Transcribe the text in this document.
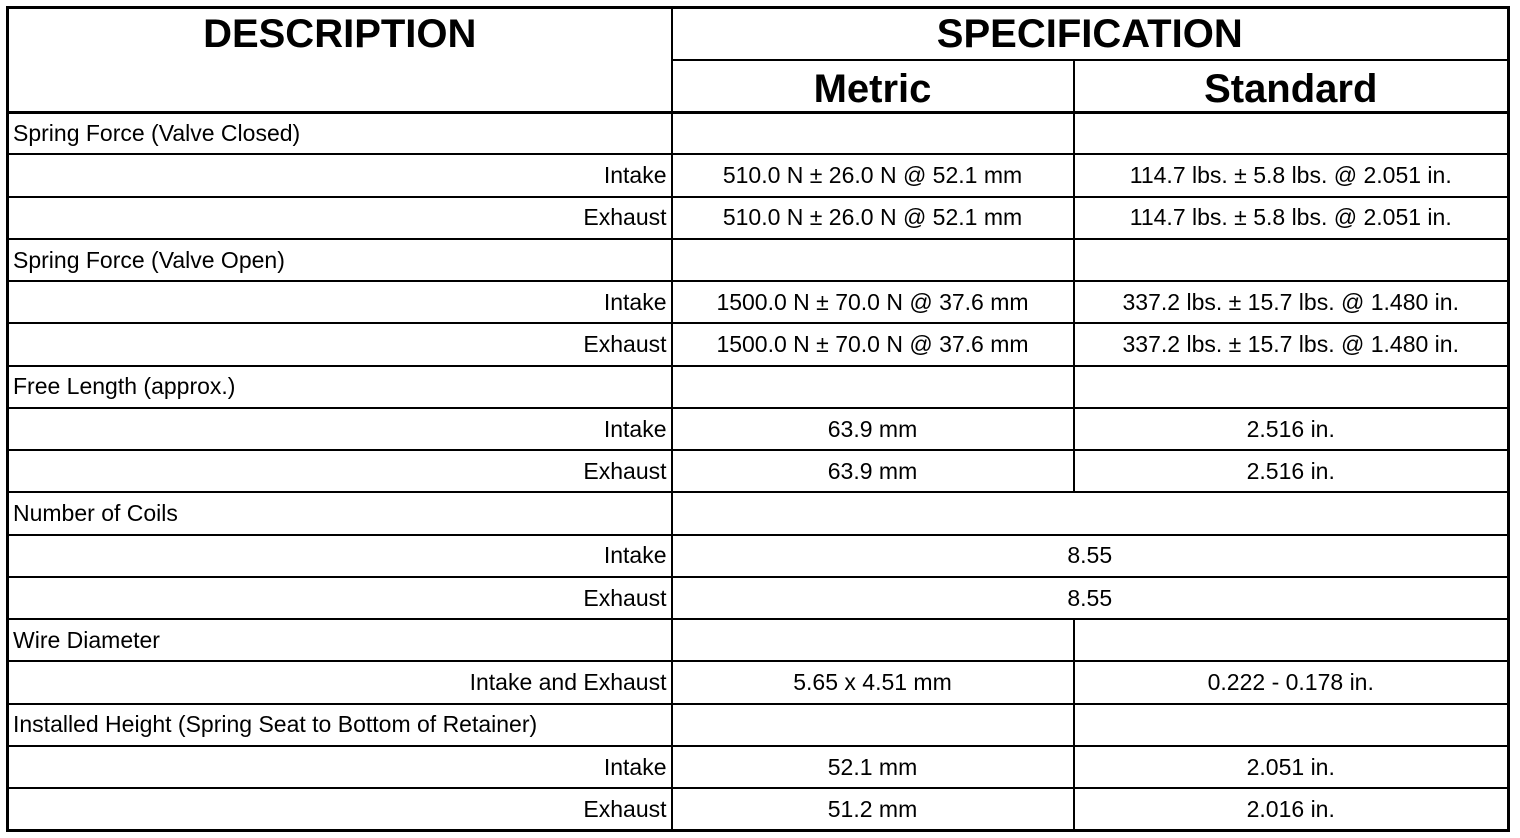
DESCRIPTION	SPECIFICATION	
	Metric	Standard
Spring Force (Valve Closed)		
Intake	510.0 N ± 26.0 N @ 52.1 mm	114.7 lbs. ± 5.8 lbs. @ 2.051 in.
Exhaust	510.0 N ± 26.0 N @ 52.1 mm	114.7 lbs. ± 5.8 lbs. @ 2.051 in.
Spring Force (Valve Open)		
Intake	1500.0 N ± 70.0 N @ 37.6 mm	337.2 lbs. ± 15.7 lbs. @ 1.480 in.
Exhaust	1500.0 N ± 70.0 N @ 37.6 mm	337.2 lbs. ± 15.7 lbs. @ 1.480 in.
Free Length (approx.)		
Intake	63.9 mm	2.516 in.
Exhaust	63.9 mm	2.516 in.
Number of Coils		
Intake	8.55	
Exhaust	8.55	
Wire Diameter		
Intake and Exhaust	5.65 x 4.51 mm	0.222 - 0.178 in.
Installed Height (Spring Seat to Bottom of Retainer)		
Intake	52.1 mm	2.051 in.
Exhaust	51.2 mm	2.016 in.
